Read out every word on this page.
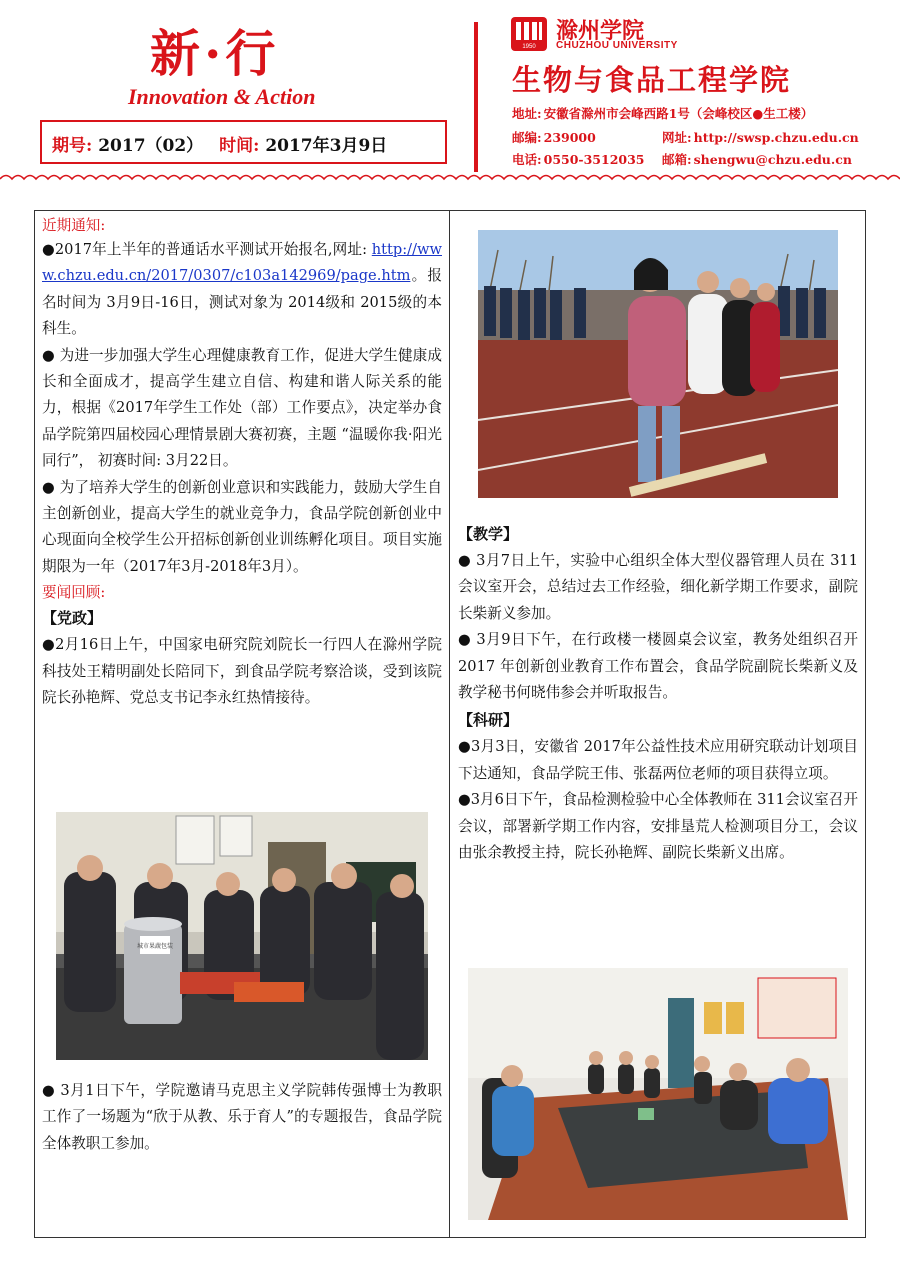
新·行
Innovation & Action
期号: 2017（02） 时间: 2017年3月9日
1950
滁州学院
CHUZHOU UNIVERSITY
生物与食品工程学院
地址: 安徽省滁州市会峰西路1号（会峰校区●生工楼）
邮编: 239000	网址: http://swsp.chzu.edu.cn
电话: 0550-3512035 邮箱: shengwu@chzu.edu.cn

近期通知:

●2017年上半年的普通话水平测试开始报名,网址: http://www.chzu.edu.cn/2017/0307/c103a142969/page.htm。报名时间为 3月9日-16日，测试对象为 2014级和 2015级的本科生。

● 为进一步加强大学生心理健康教育工作，促进大学生健康成长和全面成才，提高学生建立自信、构建和谐人际关系的能力，根据《2017年学生工作处（部）工作要点》，决定举办食品学院第四届校园心理情景剧大赛初赛，主题 “温暖你我·阳光同行”， 初赛时间: 3月22日。

● 为了培养大学生的创新创业意识和实践能力，鼓励大学生自主创新创业，提高大学生的就业竞争力，食品学院创新创业中心现面向全校学生公开招标创新创业训练孵化项目。项目实施期限为一年（2017年3月-2018年3月）。

要闻回顾:

【党政】

●2月16日上午，中国家电研究院刘院长一行四人在滁州学院科技处王精明副处长陪同下，到食品学院考察洽谈，受到该院院长孙艳辉、党总支书记李永红热情接待。

城市果蔬包装

● 3月1日下午，学院邀请马克思主义学院韩传强博士为教职工作了一场题为“欣于从教、乐于育人”的专题报告，食品学院全体教职工参加。

【教学】

● 3月7日上午，实验中心组织全体大型仪器管理人员在 311会议室开会，总结过去工作经验，细化新学期工作要求，副院长柴新义参加。

● 3月9日下午，在行政楼一楼圆桌会议室，教务处组织召开 2017 年创新创业教育工作布置会，食品学院副院长柴新义及教学秘书何晓伟参会并听取报告。

【科研】

●3月3日，安徽省 2017年公益性技术应用研究联动计划项目下达通知，食品学院王伟、张磊两位老师的项目获得立项。

●3月6日下午，食品检测检验中心全体教师在 311会议室召开会议，部署新学期工作内容，安排垦荒人检测项目分工，会议由张余教授主持，院长孙艳辉、副院长柴新义出席。
